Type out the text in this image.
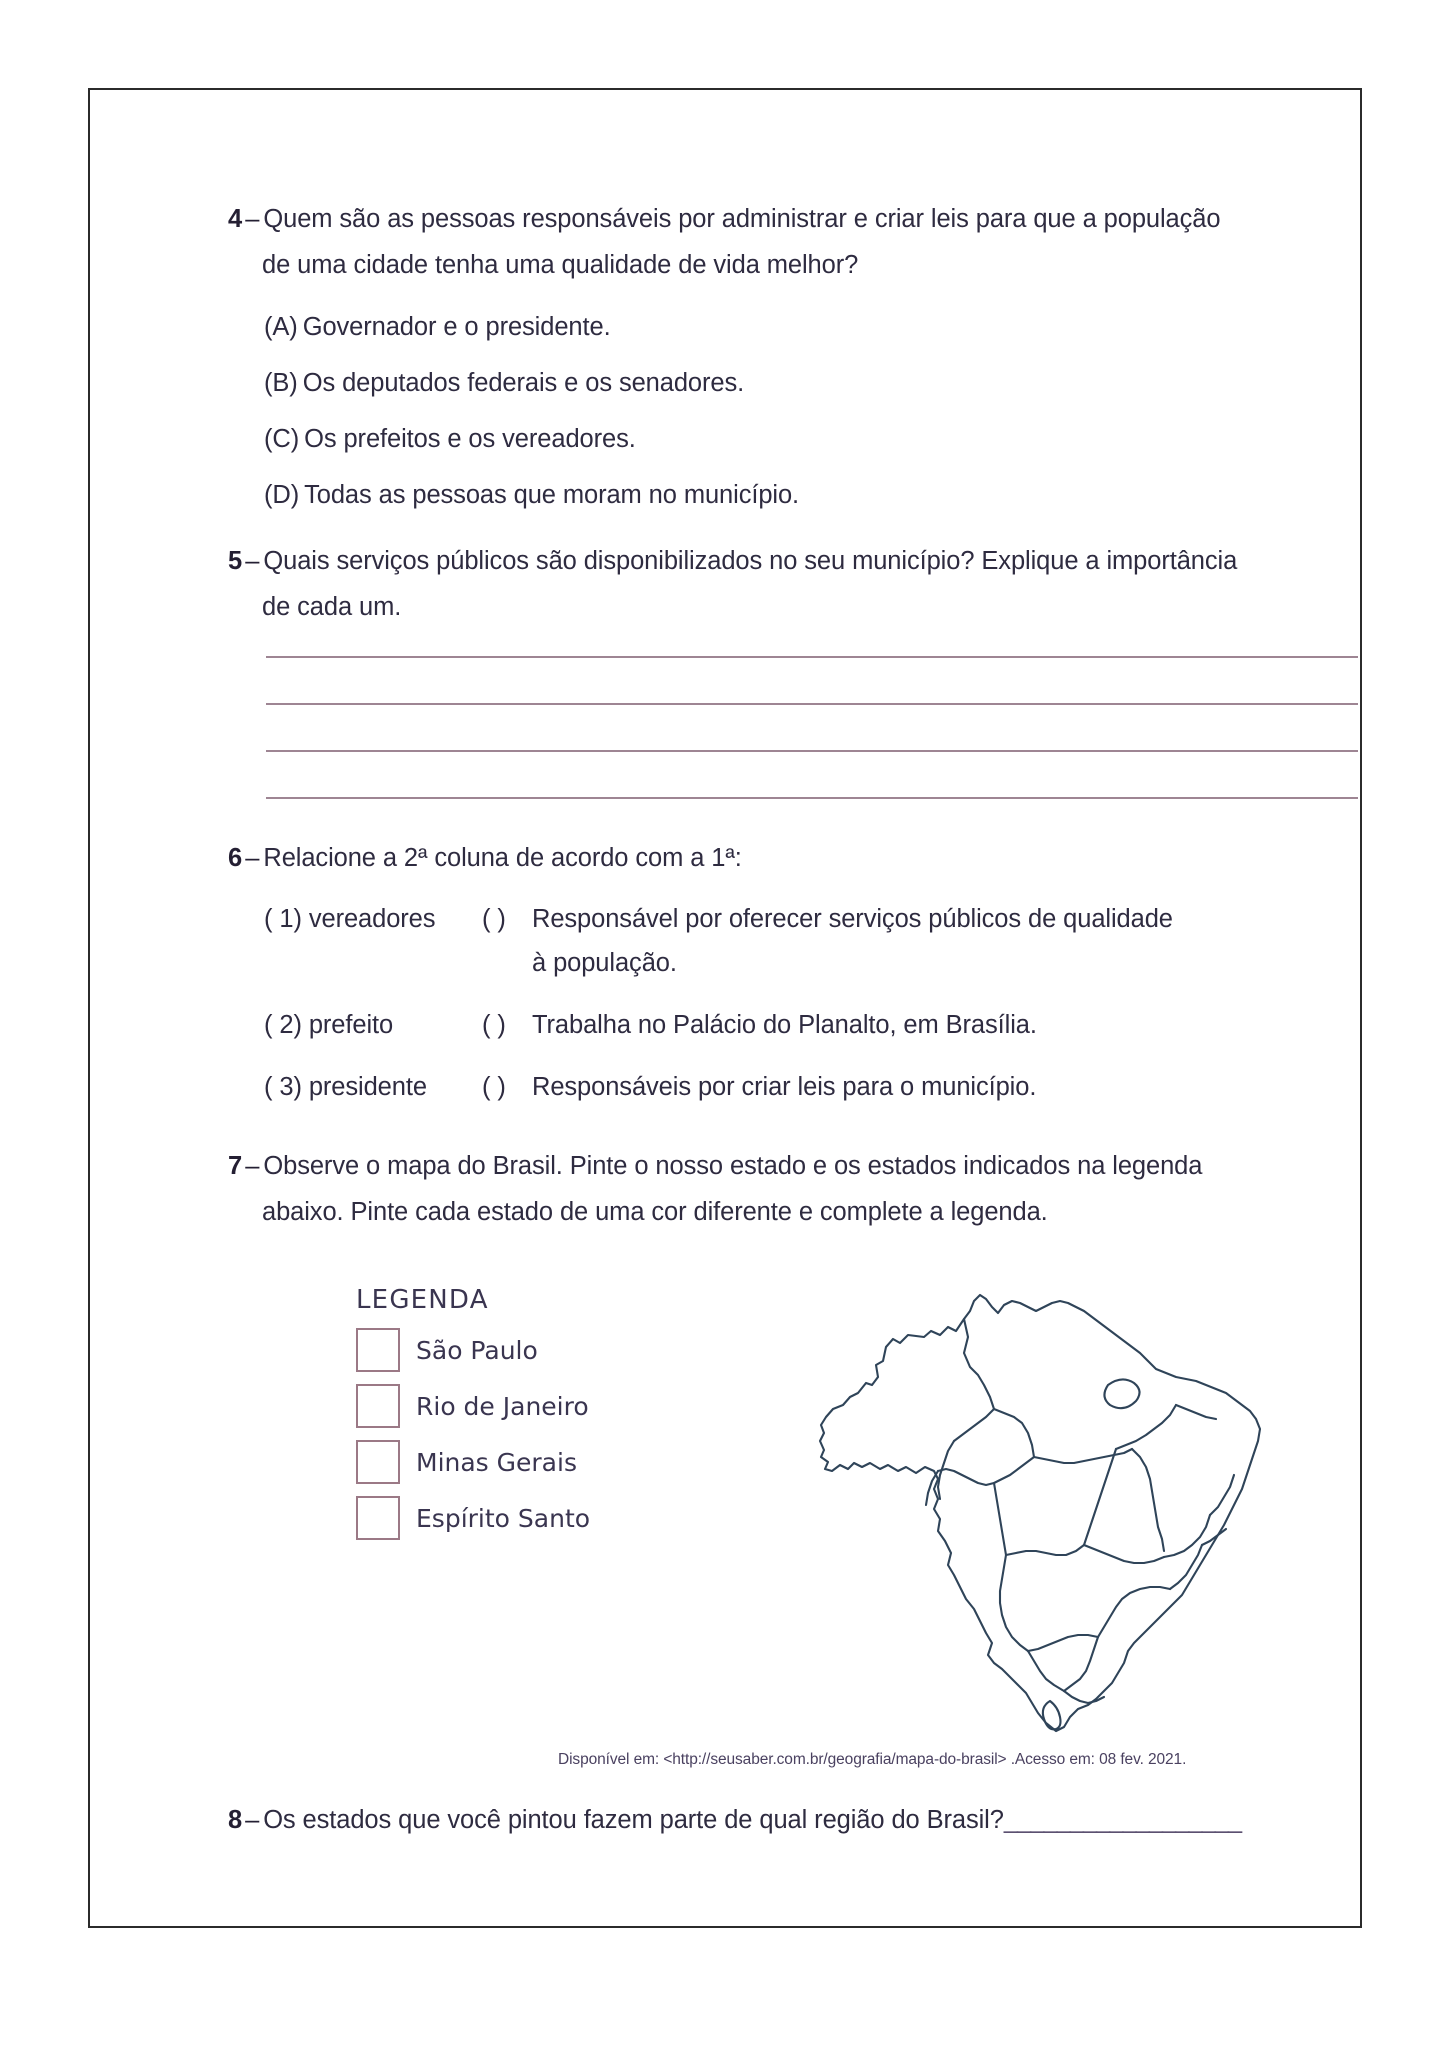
4 – Quem são as pessoas responsáveis por administrar e criar leis para que a população
de uma cidade tenha uma qualidade de vida melhor?
(A) Governador e o presidente.
(B) Os deputados federais e os senadores.
(C) Os prefeitos e os vereadores.
(D) Todas as pessoas que moram no município.
5 – Quais serviços públicos são disponibilizados no seu município? Explique a importância
de cada um.
6 – Relacione a 2ª coluna de acordo com a 1ª:
( 1) vereadores	( ) Responsável por oferecer serviços públicos de qualidade
à população.
( 2) prefeito	( ) Trabalha no Palácio do Planalto, em Brasília.
( 3) presidente	( ) Responsáveis por criar leis para o município.
7 – Observe o mapa do Brasil. Pinte o nosso estado e os estados indicados na legenda
abaixo. Pinte cada estado de uma cor diferente e complete a legenda.
LEGENDA
São Paulo
Rio de Janeiro
Minas Gerais
Espírito Santo
Disponível em: <http://seusaber.com.br/geografia/mapa-do-brasil> .Acesso em: 08 fev. 2021.
8 – Os estados que você pintou fazem parte de qual região do Brasil?__________________
